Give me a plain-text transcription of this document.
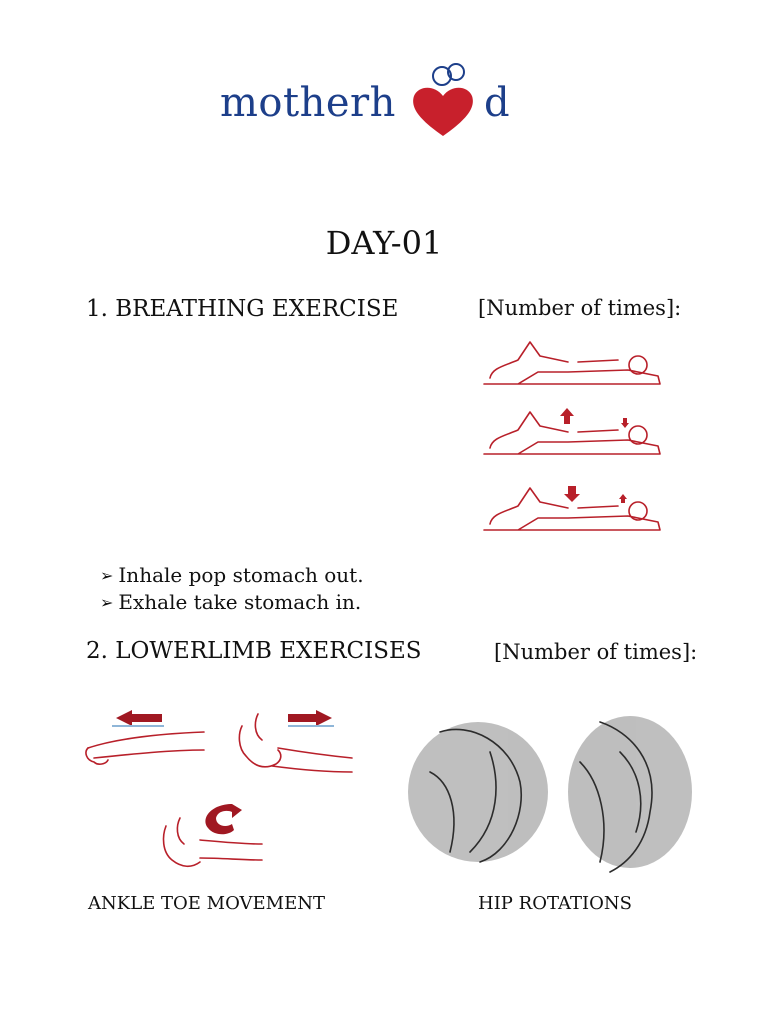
motherh d
DAY-01
1. BREATHING EXERCISE	[Number of times]:
➢ Inhale pop stomach out.
➢ Exhale take stomach in.
2. LOWERLIMB EXERCISES	[Number of times]:
ANKLE TOE MOVEMENT	HIP ROTATIONS
